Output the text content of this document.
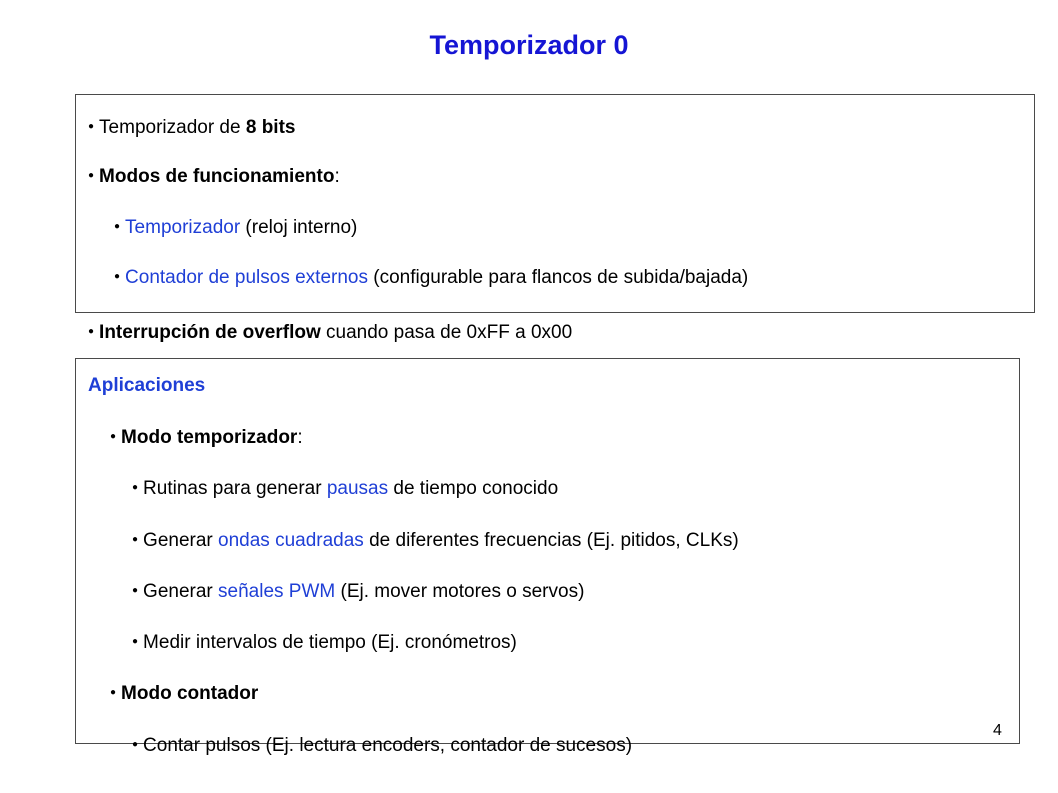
Temporizador 0
● Temporizador de 8 bits
● Modos de funcionamiento:
● Temporizador (reloj interno)
● Contador de pulsos externos (configurable para flancos de subida/bajada)
● Interrupción de overflow cuando pasa de 0xFF a 0x00
Aplicaciones
● Modo temporizador:
● Rutinas para generar pausas de tiempo conocido
● Generar ondas cuadradas de diferentes frecuencias (Ej. pitidos, CLKs)
● Generar señales PWM (Ej. mover motores o servos)
● Medir intervalos de tiempo (Ej. cronómetros)
● Modo contador
● Contar pulsos (Ej. lectura encoders, contador de sucesos)
4
